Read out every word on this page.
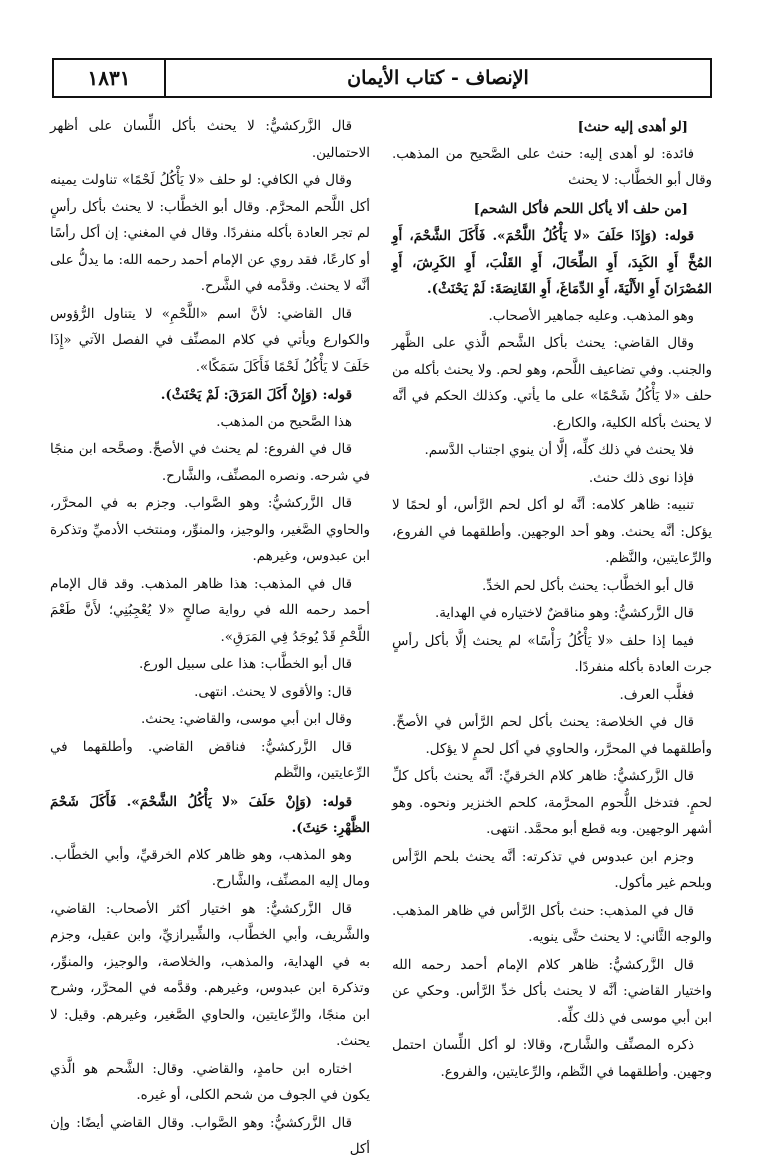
الإنصاف - كتاب الأيمان
١٨٣١

[لو أهدى إليه حنث]

فائدة: لو أهدى إليه: حنث على الصَّحيح من المذهب. وقال أبو الخطَّاب: لا يحنث

[من حلف ألا يأكل اللحم فأكل الشحم]

قوله: (وَإِذَا حَلَفَ «لا يَأْكُلُ اللَّحْمَ». فَأَكَلَ الشَّحْمَ، أَوِ المُخَّ أَوِ الكَبِدَ، أَوِ الطِّحَالَ، أَوِ القَلْبَ، أَوِ الكَرِشَ، أَوِ المُصْرَانَ أَوِ الأَلْيَةَ، أَوِ الدِّمَاغَ، أَوِ القَانِصَةَ: لَمْ يَحْنَثْ).

وهو المذهب. وعليه جماهير الأصحاب.

وقال القاضي: يحنث بأكل الشَّحم الَّذي على الظَّهر والجنب. وفي تضاعيف اللَّحم، وهو لحم. ولا يحنث بأكله من حلف «لا يَأْكُلُ شَحْمًا» على ما يأتي. وكذلك الحكم في أنَّه لا يحنث بأكله الكلية، والكارع.

فلا يحنث في ذلك كلِّه، إلَّا أن ينوي اجتناب الدَّسم.

فإذا نوى ذلك حنث.

تنبيه: ظاهر كلامه: أنَّه لو أكل لحم الرَّأس، أو لحمًا لا يؤكل: أنَّه يحنث. وهو أحد الوجهين. وأطلقهما في الفروع، والرِّعايتين، والنَّظم.

قال أبو الخطَّاب: يحنث بأكل لحم الخدِّ.

قال الزَّركشيُّ: وهو مناقضٌ لاختياره في الهداية.

فيما إذا حلف «لا يَأْكُلُ رَأْسًا» لم يحنث إلَّا بأكل رأسٍ جرت العادة بأكله منفردًا.

فغلَّب العرف.

قال في الخلاصة: يحنث بأكل لحم الرَّأس في الأصحِّ. وأطلقهما في المحرَّر، والحاوي في أكل لحمٍ لا يؤكل.

قال الزَّركشيُّ: ظاهر كلام الخرقيِّ: أنَّه يحنث بأكل كلِّ لحمٍ. فتدخل اللُّحوم المحرَّمة، كلحم الخنزير ونحوه. وهو أشهر الوجهين. وبه قطع أبو محمَّد. انتهى.

وجزم ابن عبدوس في تذكرته: أنَّه يحنث بلحم الرَّأس وبلحم غير مأكول.

قال في المذهب: حنث بأكل الرَّأس في ظاهر المذهب. والوجه الثَّاني: لا يحنث حتَّى ينويه.

قال الزَّركشيُّ: ظاهر كلام الإمام أحمد رحمه الله واختيار القاضي: أنَّه لا يحنث بأكل خدِّ الرَّأس. وحكي عن ابن أبي موسى في ذلك كلِّه.

ذكره المصنِّف والشَّارح، وقالا: لو أكل اللِّسان احتمل وجهين. وأطلقهما في النَّظم، والرِّعايتين، والفروع.

قال الزَّركشيُّ: لا يحنث بأكل اللِّسان على أظهر الاحتمالين.

وقال في الكافي: لو حلف «لا يَأْكُلُ لَحْمًا» تناولت يمينه أكل اللَّحم المحرَّم. وقال أبو الخطَّاب: لا يحنث بأكل رأسٍ لم تجر العادة بأكله منفردًا. وقال في المغني: إن أكل رأسًا أو كارعًا، فقد روي عن الإمام أحمد رحمه الله: ما يدلُّ على أنَّه لا يحنث. وقدَّمه في الشَّرح.

قال القاضي: لأنَّ اسم «اللَّحْمِ» لا يتناول الرُّؤوس والكوارع ويأتي في كلام المصنِّف في الفصل الآتي «إِذَا حَلَفَ لا يَأْكُلُ لَحْمًا فَأَكَلَ سَمَكًا».

قوله: (وَإِنْ أَكَلَ المَرَقَ: لَمْ يَحْنَثْ).

هذا الصَّحيح من المذهب.

قال في الفروع: لم يحنث في الأصحِّ. وصحَّحه ابن منجًا في شرحه. ونصره المصنِّف، والشَّارح.

قال الزَّركشيُّ: وهو الصَّواب. وجزم به في المحرَّر، والحاوي الصَّغير، والوجيز، والمنوِّر، ومنتخب الأدميِّ وتذكرة ابن عبدوس، وغيرهم.

قال في المذهب: هذا ظاهر المذهب. وقد قال الإمام أحمد رحمه الله في رواية صالحٍ «لا يُعْجِبُنِي؛ لأَنَّ طَعْمَ اللَّحْمِ قَدْ يُوجَدُ فِي المَرَقِ».

قال أبو الخطَّاب: هذا على سبيل الورع.

قال: والأقوى لا يحنث. انتهى.

وقال ابن أبي موسى، والقاضي: يحنث.

قال الزَّركشيُّ: فناقض القاضي. وأطلقهما في الرِّعايتين، والنَّظم

قوله: (وَإِنْ حَلَفَ «لا يَأْكُلُ الشَّحْمَ». فَأَكَلَ شَحْمَ الظَّهْرِ: حَنِثَ).

وهو المذهب، وهو ظاهر كلام الخرقيِّ، وأبي الخطَّاب. ومال إليه المصنِّف، والشَّارح.

قال الزَّركشيُّ: هو اختيار أكثر الأصحاب: القاضي، والشَّريف، وأبي الخطَّاب، والشِّيرازيِّ، وابن عقيل، وجزم به في الهداية، والمذهب، والخلاصة، والوجيز، والمنوِّر، وتذكرة ابن عبدوس، وغيرهم. وقدَّمه في المحرَّر، وشرح ابن منجًا، والرِّعايتين، والحاوي الصَّغير، وغيرهم. وقيل: لا يحنث.

اختاره ابن حامدٍ، والقاضي. وقال: الشَّحم هو الَّذي يكون في الجوف من شحم الكلى، أو غيره.

قال الزَّركشيُّ: وهو الصَّواب. وقال القاضي أيضًا: وإن أكل
